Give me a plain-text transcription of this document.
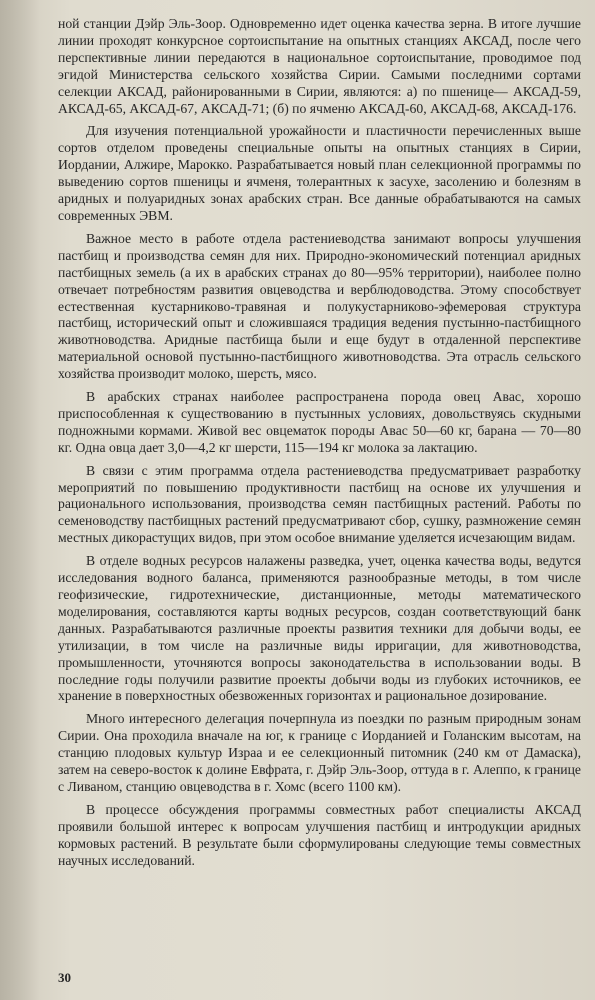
ной станции Дэйр Эль-Зоор. Одновременно идет оценка качества зерна. В итоге лучшие линии проходят конкурсное сортоиспытание на опытных станциях АКСАД, после чего перспективные линии передаются в национальное сортоиспытание, проводимое под эгидой Министерства сельского хозяйства Сирии. Самыми последними сортами селекции АКСАД, районированными в Сирии, являются: а) по пшенице— АКСАД-59, АКСАД-65, АКСАД-67, АКСАД-71; (б) по ячменю АКСАД-60, АКСАД-68, АКСАД-176.

Для изучения потенциальной урожайности и пластичности перечисленных выше сортов отделом проведены специальные опыты на опытных станциях в Сирии, Иордании, Алжире, Марокко. Разрабатывается новый план селекционной программы по выведению сортов пшеницы и ячменя, толерантных к засухе, засолению и болезням в аридных и полуаридных зонах арабских стран. Все данные обрабатываются на самых современных ЭВМ.

Важное место в работе отдела растениеводства занимают вопросы улучшения пастбищ и производства семян для них. Природно-экономический потенциал аридных пастбищных земель (а их в арабских странах до 80—95% территории), наиболее полно отвечает потребностям развития овцеводства и верблюдоводства. Этому способствует естественная кустарниково-травяная и полукустарниково-эфемеровая структура пастбищ, исторический опыт и сложившаяся традиция ведения пустынно-пастбищного животноводства. Аридные пастбища были и еще будут в отдаленной перспективе материальной основой пустынно-пастбищного животноводства. Эта отрасль сельского хозяйства производит молоко, шерсть, мясо.

В арабских странах наиболее распространена порода овец Авас, хорошо приспособленная к существованию в пустынных условиях, довольствуясь скудными подножными кормами. Живой вес овцематок породы Авас 50—60 кг, барана — 70—80 кг. Одна овца дает 3,0—4,2 кг шерсти, 115—194 кг молока за лактацию.

В связи с этим программа отдела растениеводства предусматривает разработку мероприятий по повышению продуктивности пастбищ на основе их улучшения и рационального использования, производства семян пастбищных растений. Работы по семеноводству пастбищных растений предусматривают сбор, сушку, размножение семян местных дикорастущих видов, при этом особое внимание уделяется исчезающим видам.

В отделе водных ресурсов налажены разведка, учет, оценка качества воды, ведутся исследования водного баланса, применяются разнообразные методы, в том числе геофизические, гидротехнические, дистанционные, методы математического моделирования, составляются карты водных ресурсов, создан соответствующий банк данных. Разрабатываются различные проекты развития техники для добычи воды, ее утилизации, в том числе на различные виды ирригации, для животноводства, промышленности, уточняются вопросы законодательства в использовании воды. В последние годы получили развитие проекты добычи воды из глубоких источников, ее хранение в поверхностных обезвоженных горизонтах и рациональное дозирование.

Много интересного делегация почерпнула из поездки по разным природным зонам Сирии. Она проходила вначале на юг, к границе с Иорданией и Голанским высотам, на станцию плодовых культур Израа и ее селекционный питомник (240 км от Дамаска), затем на северо-восток к долине Евфрата, г. Дэйр Эль-Зоор, оттуда в г. Алеппо, к границе с Ливаном, станцию овцеводства в г. Хомс (всего 1100 км).

В процессе обсуждения программы совместных работ специалисты АКСАД проявили большой интерес к вопросам улучшения пастбищ и интродукции аридных кормовых растений. В результате были сформулированы следующие темы совместных научных исследований.

30
